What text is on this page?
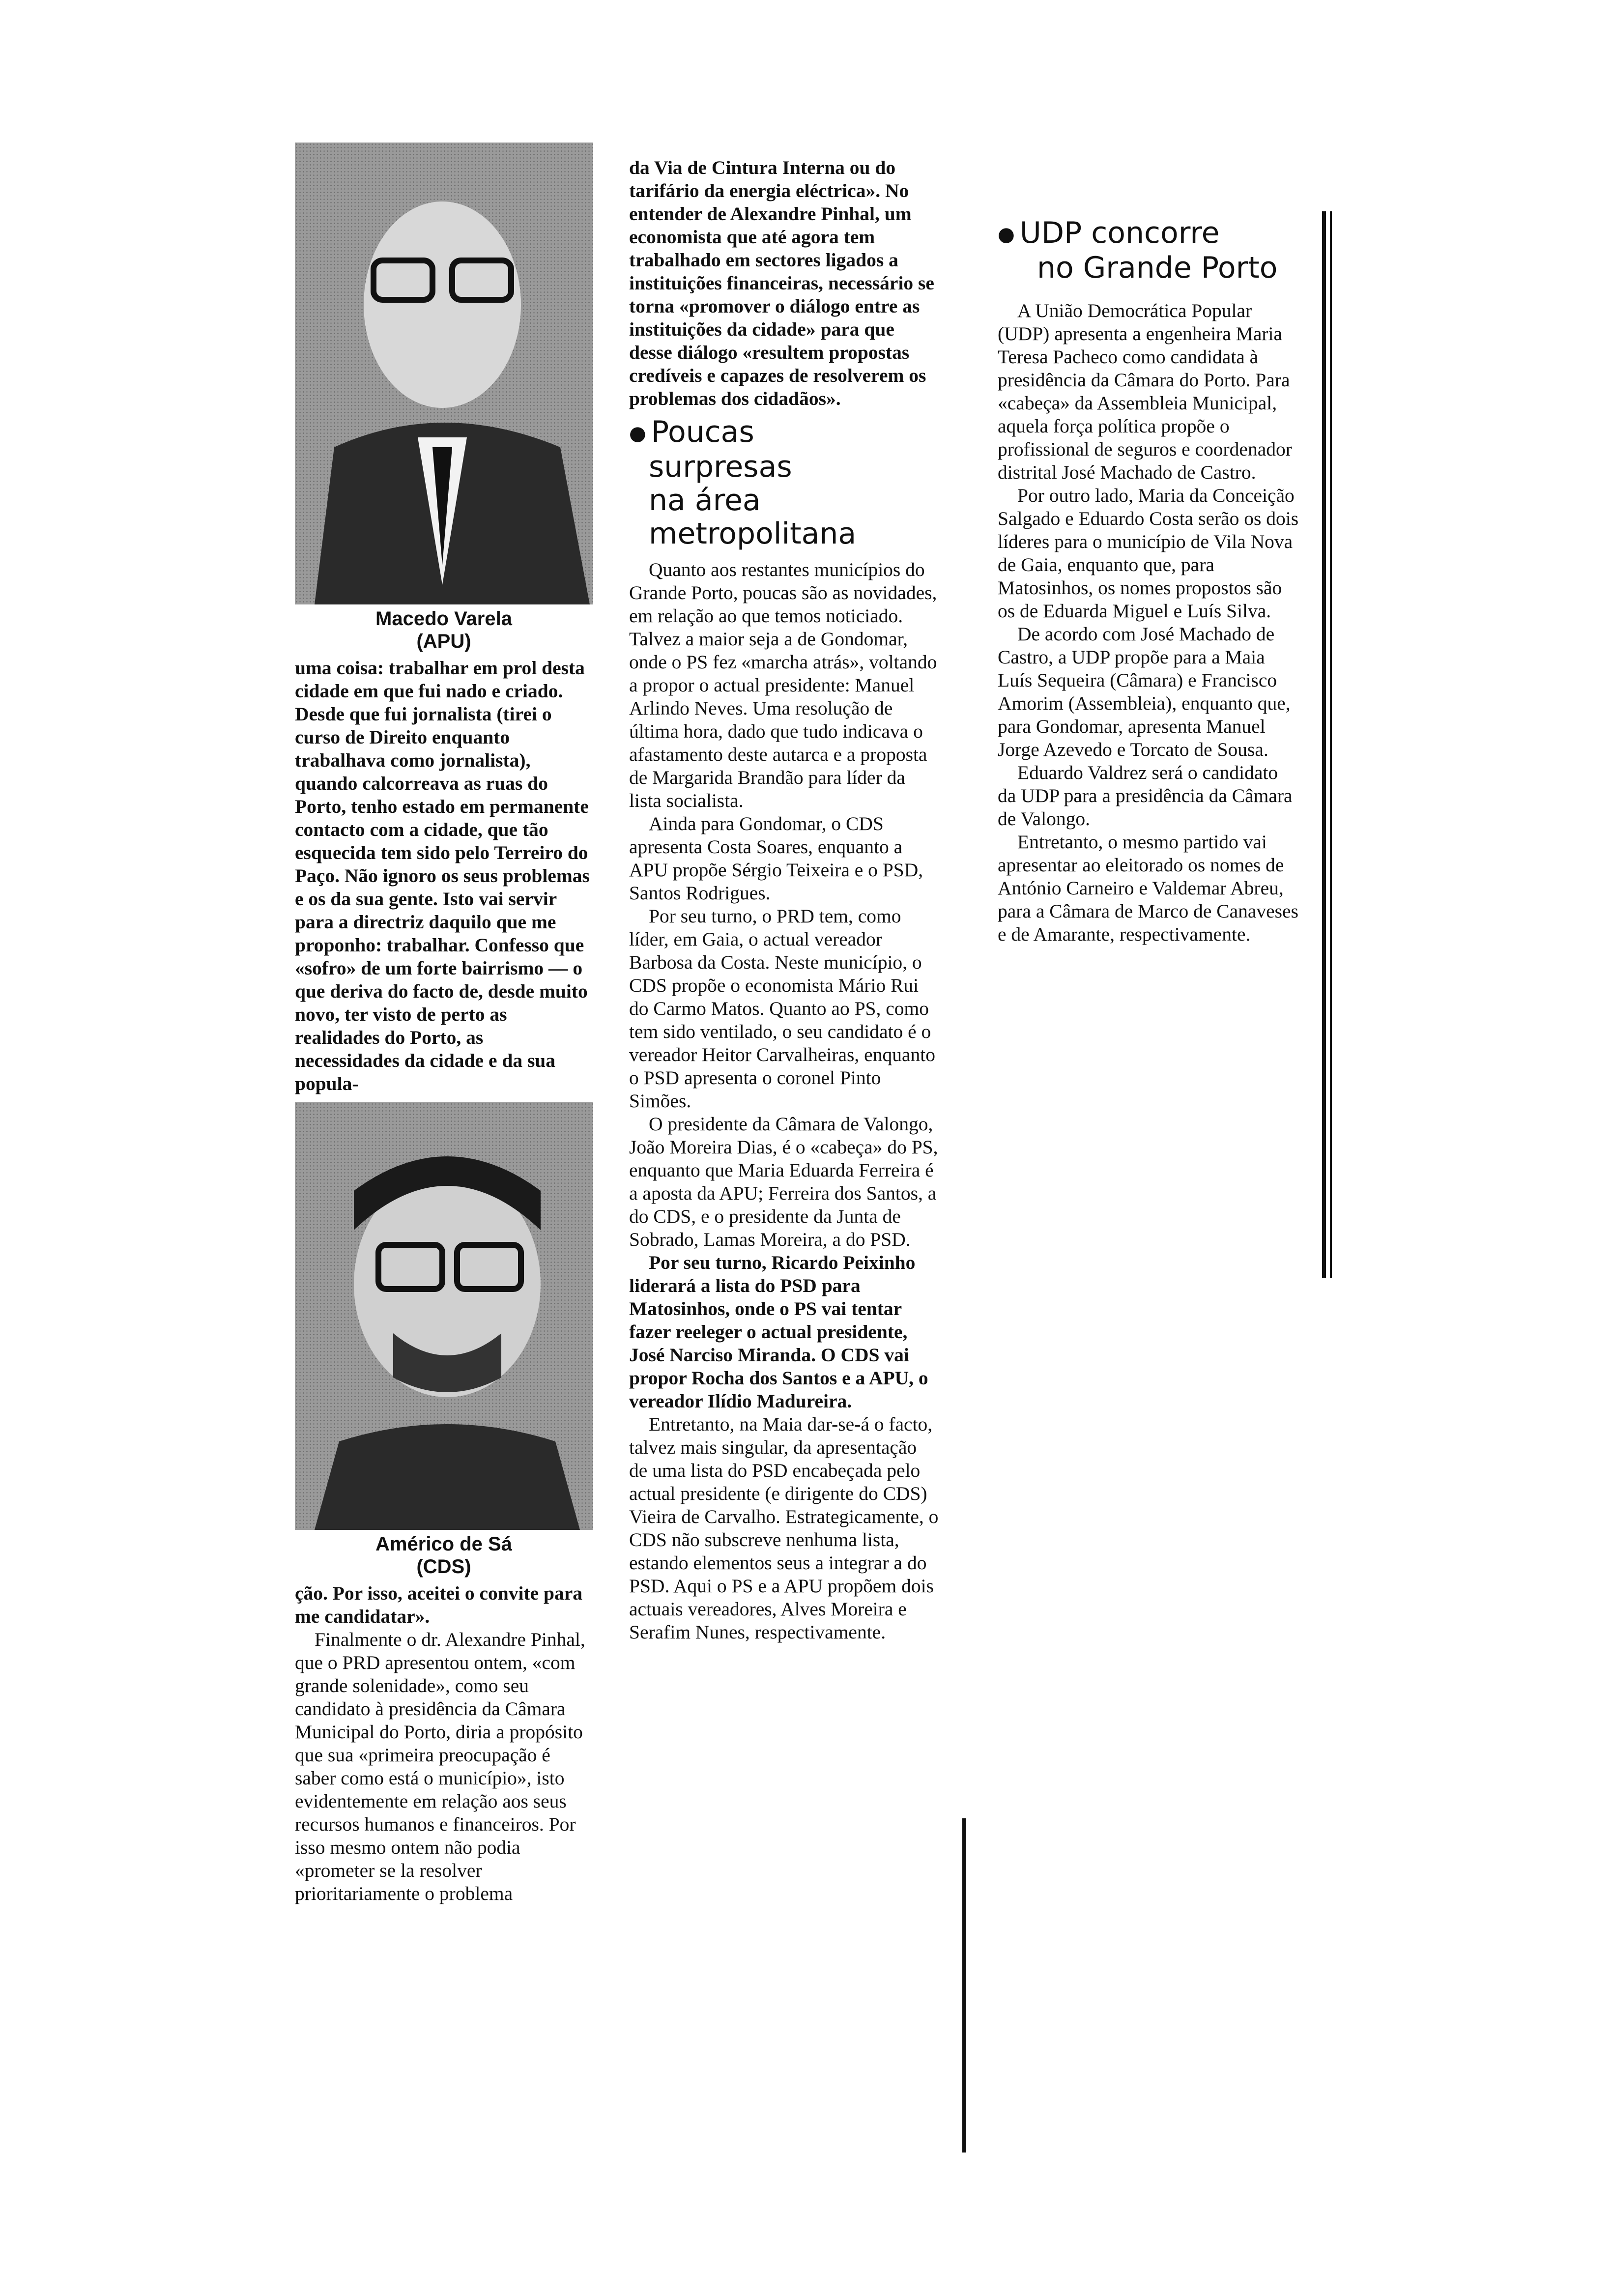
Macedo Varela
(APU)

uma coisa: trabalhar em prol desta cidade em que fui nado e criado. Desde que fui jornalista (tirei o curso de Direito enquanto trabalhava como jornalista), quando calcorreava as ruas do Porto, tenho estado em permanente contacto com a cidade, que tão esquecida tem sido pelo Terreiro do Paço. Não ignoro os seus problemas e os da sua gente. Isto vai servir para a directriz daquilo que me proponho: trabalhar. Confesso que «sofro» de um forte bairrismo — o que deriva do facto de, desde muito novo, ter visto de perto as realidades do Porto, as necessidades da cidade e da sua popula-

Américo de Sá
(CDS)

ção. Por isso, aceitei o convite para me candidatar».

Finalmente o dr. Alexandre Pinhal, que o PRD apresentou ontem, «com grande solenidade», como seu candidato à presidência da Câmara Municipal do Porto, diria a propósito que sua «primeira preocupação é saber como está o município», isto evidentemente em relação aos seus recursos humanos e financeiros. Por isso mesmo ontem não podia «prometer se la resolver prioritariamente o problema

da Via de Cintura Interna ou do tarifário da energia eléctrica». No entender de Alexandre Pinhal, um economista que até agora tem trabalhado em sectores ligados a instituições financeiras, necessário se torna «promover o diálogo entre as instituições da cidade» para que desse diálogo «resultem propostas credíveis e capazes de resolverem os problemas dos cidadãos».

● Poucas

surpresas

na área

metropolitana

Quanto aos restantes municípios do Grande Porto, poucas são as novidades, em relação ao que temos noticiado. Talvez a maior seja a de Gondomar, onde o PS fez «marcha atrás», voltando a propor o actual presidente: Manuel Arlindo Neves. Uma resolução de última hora, dado que tudo indicava o afastamento deste autarca e a proposta de Margarida Brandão para líder da lista socialista.

Ainda para Gondomar, o CDS apresenta Costa Soares, enquanto a APU propõe Sérgio Teixeira e o PSD, Santos Rodrigues.

Por seu turno, o PRD tem, como líder, em Gaia, o actual vereador Barbosa da Costa. Neste município, o CDS propõe o economista Mário Rui do Carmo Matos. Quanto ao PS, como tem sido ventilado, o seu candidato é o vereador Heitor Carvalheiras, enquanto o PSD apresenta o coronel Pinto Simões.

O presidente da Câmara de Valongo, João Moreira Dias, é o «cabeça» do PS, enquanto que Maria Eduarda Ferreira é a aposta da APU; Ferreira dos Santos, a do CDS, e o presidente da Junta de Sobrado, Lamas Moreira, a do PSD.

Por seu turno, Ricardo Peixinho liderará a lista do PSD para Matosinhos, onde o PS vai tentar fazer reeleger o actual presidente, José Narciso Miranda. O CDS vai propor Rocha dos Santos e a APU, o vereador Ilídio Madureira.

Entretanto, na Maia dar-se-á o facto, talvez mais singular, da apresentação de uma lista do PSD encabeçada pelo actual presidente (e dirigente do CDS) Vieira de Carvalho. Estrategicamente, o CDS não subscreve nenhuma lista, estando elementos seus a integrar a do PSD. Aqui o PS e a APU propõem dois actuais vereadores, Alves Moreira e Serafim Nunes, respectivamente.

● UDP concorre

no Grande Porto

A União Democrática Popular (UDP) apresenta a engenheira Maria Teresa Pacheco como candidata à presidência da Câmara do Porto. Para «cabeça» da Assembleia Municipal, aquela força política propõe o profissional de seguros e coordenador distrital José Machado de Castro.

Por outro lado, Maria da Conceição Salgado e Eduardo Costa serão os dois líderes para o município de Vila Nova de Gaia, enquanto que, para Matosinhos, os nomes propostos são os de Eduarda Miguel e Luís Silva.

De acordo com José Machado de Castro, a UDP propõe para a Maia Luís Sequeira (Câmara) e Francisco Amorim (Assembleia), enquanto que, para Gondomar, apresenta Manuel Jorge Azevedo e Torcato de Sousa.

Eduardo Valdrez será o candidato da UDP para a presidência da Câmara de Valongo.

Entretanto, o mesmo partido vai apresentar ao eleitorado os nomes de António Carneiro e Valdemar Abreu, para a Câmara de Marco de Canaveses e de Amarante, respectivamente.
